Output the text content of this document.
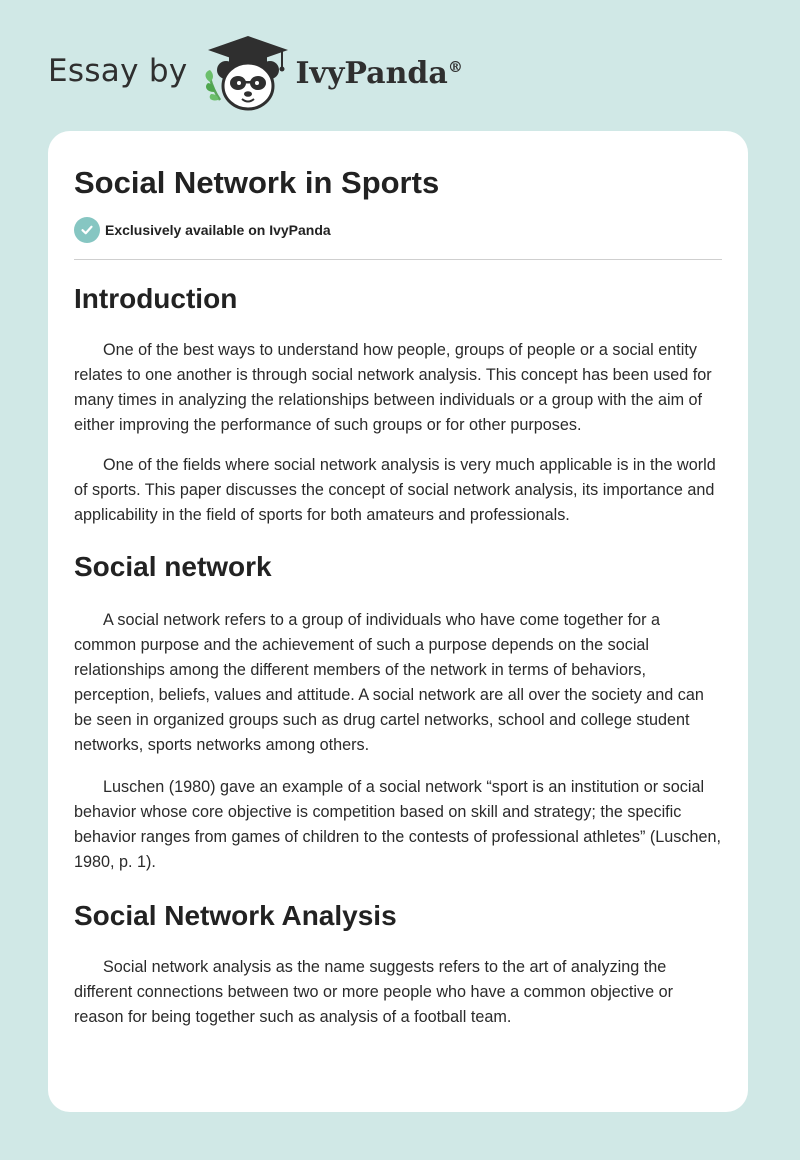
Essay by	IvyPanda®
Social Network in Sports
Exclusively available on IvyPanda
Introduction

One of the best ways to understand how people, groups of people or a social entity relates to one another is through social network analysis. This concept has been used for many times in analyzing the relationships between individuals or a group with the aim of either improving the performance of such groups or for other purposes.

One of the fields where social network analysis is very much applicable is in the world of sports. This paper discusses the concept of social network analysis, its importance and applicability in the field of sports for both amateurs and professionals.

Social network

A social network refers to a group of individuals who have come together for a common purpose and the achievement of such a purpose depends on the social relationships among the different members of the network in terms of behaviors, perception, beliefs, values and attitude. A social network are all over the society and can be seen in organized groups such as drug cartel networks, school and college student networks, sports networks among others.

Luschen (1980) gave an example of a social network “sport is an institution or social behavior whose core objective is competition based on skill and strategy; the specific behavior ranges from games of children to the contests of professional athletes” (Luschen, 1980, p. 1).

Social Network Analysis

Social network analysis as the name suggests refers to the art of analyzing the different connections between two or more people who have a common objective or reason for being together such as analysis of a football team.
